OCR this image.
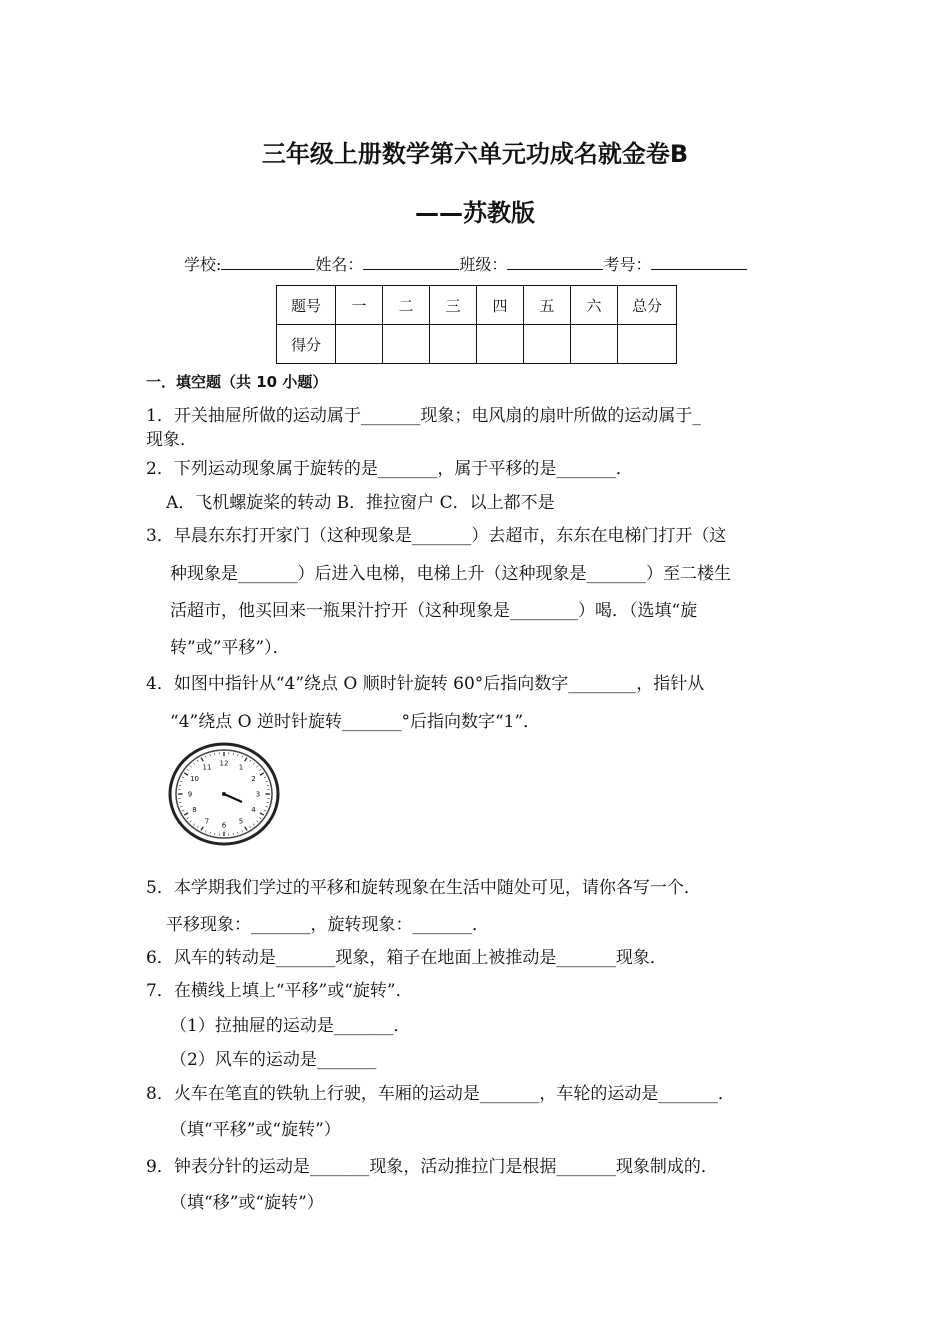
三年级上册数学第六单元功成名就金卷B
——苏教版
学校:	姓名：	班级：	考号：
题号	一	二	三	四	五	六	总分
得分							
一．填空题（共 10 小题）
1．开关抽屉所做的运动属于_______现象；电风扇的扇叶所做的运动属于_
现象．
2．下列运动现象属于旋转的是_______，属于平移的是_______．
A．飞机螺旋桨的转动 B．推拉窗户 C．以上都不是
3．早晨东东打开家门（这种现象是_______）去超市，东东在电梯门打开（这
种现象是_______）后进入电梯，电梯上升（这种现象是_______）至二楼生
活超市，他买回来一瓶果汁拧开（这种现象是________）喝．（选填“旋
转”或”平移”）．
4．如图中指针从“4”绕点 O 顺时针旋转 60°后指向数字________，指针从
“4”绕点 O 逆时针旋转_______°后指向数字“1”．
12
1
2
3
4
5
6
7
8
9
10
11
5．本学期我们学过的平移和旋转现象在生活中随处可见，请你各写一个．
平移现象：_______，旋转现象：_______．
6．风车的转动是_______现象，箱子在地面上被推动是_______现象．
7．在横线上填上“平移”或“旋转”．
（1）拉抽屉的运动是_______．
（2）风车的运动是_______
8．火车在笔直的铁轨上行驶，车厢的运动是_______，车轮的运动是_______．
（填“平移”或“旋转”）
9．钟表分针的运动是_______现象，活动推拉门是根据_______现象制成的．
（填“移”或“旋转”）
